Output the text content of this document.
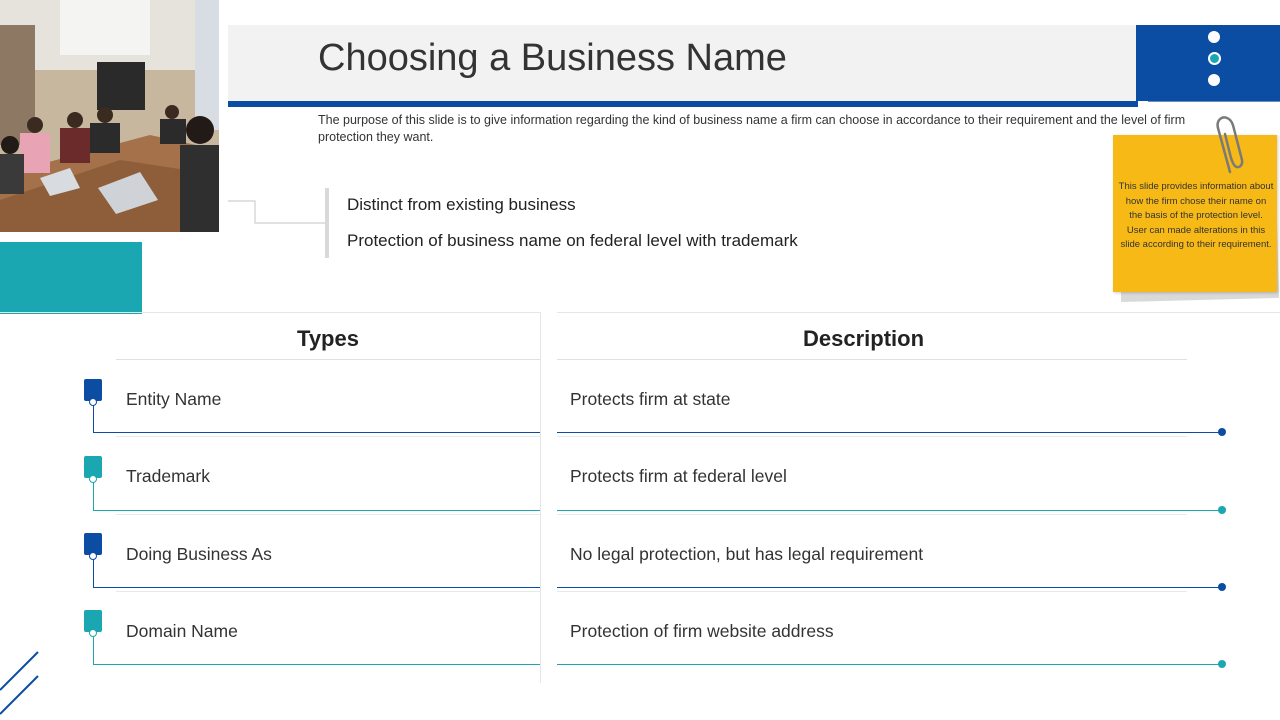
Choosing a Business Name
The purpose of this slide is to give information regarding the kind of business name a firm can choose in accordance to their requirement and the level of firm protection they want.
Distinct from existing business
Protection of business name on federal level with trademark
This slide provides information about how the firm chose their name on the basis of the protection level. User can made alterations in this slide according to their requirement.
Types	Description
Entity Name	Protects firm at state
Trademark	Protects firm at federal level
Doing Business As	No legal protection, but has legal requirement
Domain Name	Protection of firm website address
